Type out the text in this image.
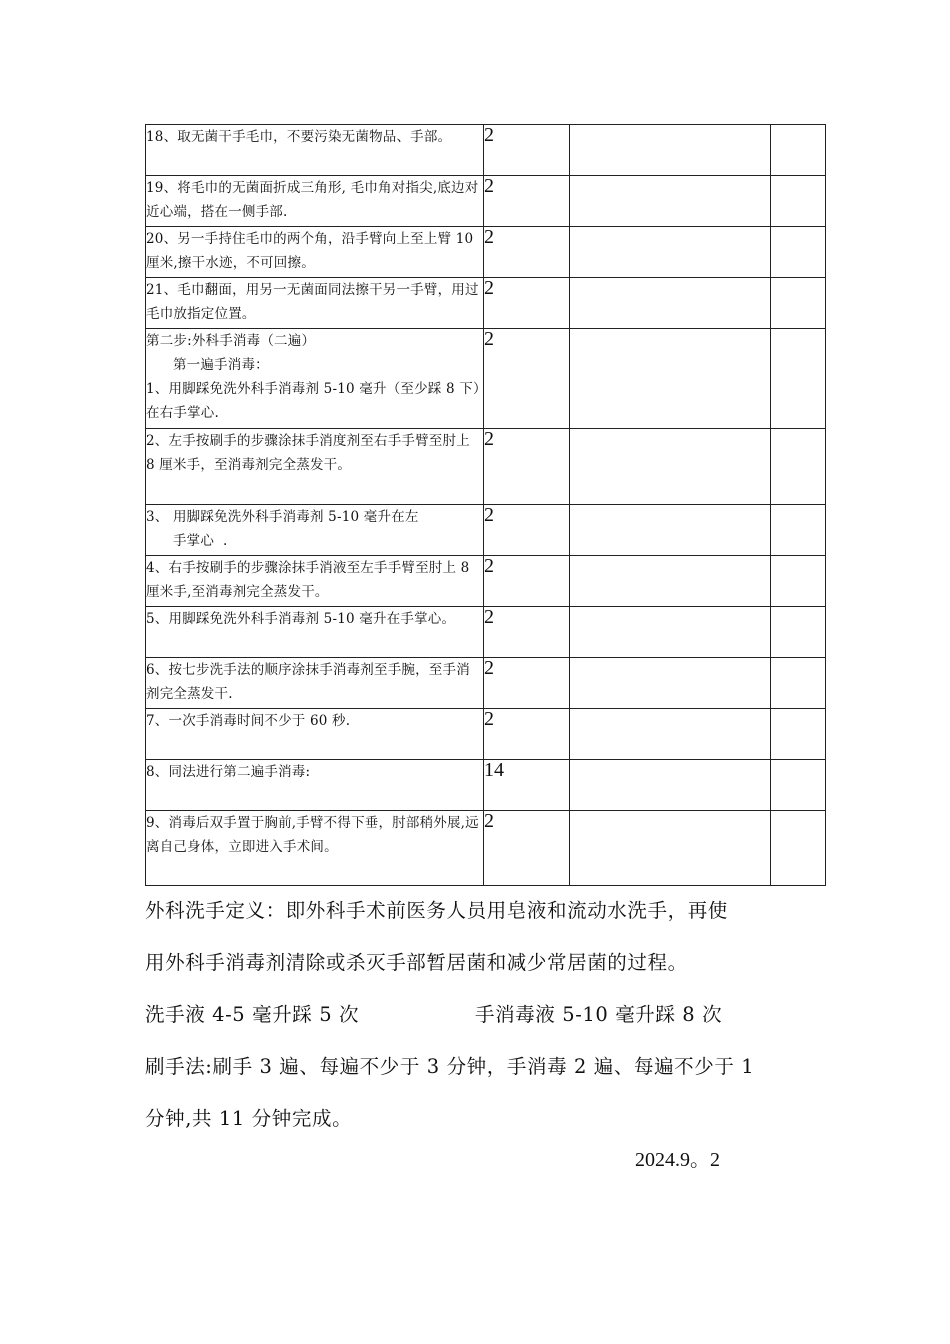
18、取无菌干手毛巾，不要污染无菌物品、手部。	2		
19、将毛巾的无菌面折成三角形, 毛巾角对指尖,底边对近心端，搭在一侧手部.	2		
20、另一手持住毛巾的两个角，沿手臂向上至上臂 10 厘米,擦干水迹，不可回擦。	2		
21、毛巾翻面，用另一无菌面同法擦干另一手臂，用过毛巾放指定位置。	2		
第二步:外科手消毒（二遍）
第一遍手消毒：
1、用脚踩免洗外科手消毒剂 5-10 毫升（至少踩 8 下）在右手掌心.	2		
2、左手按刷手的步骤涂抹手消度剂至右手手臂至肘上 8 厘米手，至消毒剂完全蒸发干。	2		
3、 用脚踩免洗外科手消毒剂 5-10 毫升在左
手掌心  .	2		
4、右手按刷手的步骤涂抹手消液至左手手臂至肘上 8 厘米手,至消毒剂完全蒸发干。	2		
5、用脚踩免洗外科手消毒剂 5-10 毫升在手掌心。	2		
6、按七步洗手法的顺序涂抹手消毒剂至手腕，至手消剂完全蒸发干.	2		
7、一次手消毒时间不少于 60 秒.	2		
8、同法进行第二遍手消毒:	14		
9、消毒后双手置于胸前,手臂不得下垂，肘部稍外展,远离自己身体，立即进入手术间。	2		

外科洗手定义：即外科手术前医务人员用皂液和流动水洗手，再使

用外科手消毒剂清除或杀灭手部暂居菌和减少常居菌的过程。

洗手液 4-5 毫升踩 5 次	手消毒液 5-10 毫升踩 8 次

刷手法:刷手 3 遍、每遍不少于 3 分钟，手消毒 2 遍、每遍不少于 1

分钟,共 11 分钟完成。

2024.9。2
